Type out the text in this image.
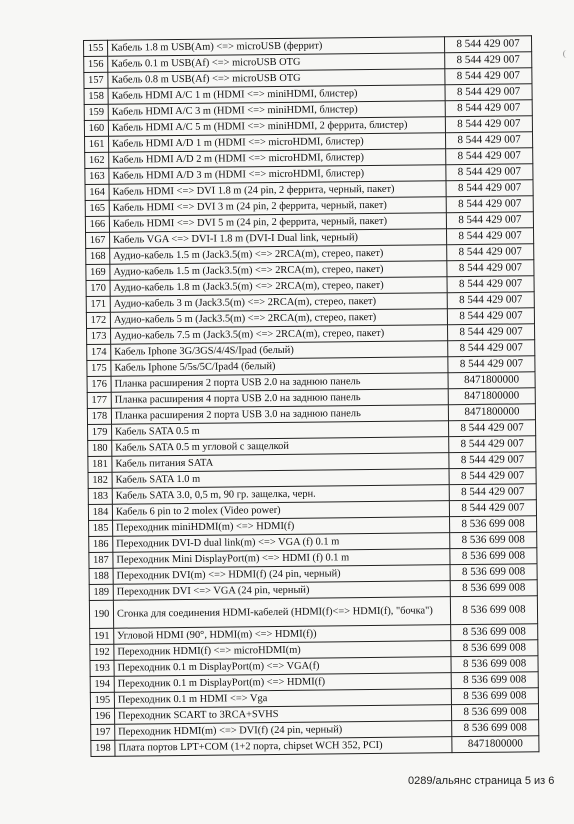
155	Кабель 1.8 m USB(Am) <=> microUSB (феррит)	8 544 429 007
156	Кабель 0.1 m USB(Af) <=> microUSB OTG	8 544 429 007
157	Кабель 0.8 m USB(Af) <=> microUSB OTG	8 544 429 007
158	Кабель HDMI A/C 1 m (HDMI <=> miniHDMI, блистер)	8 544 429 007
159	Кабель HDMI A/C 3 m (HDMI <=> miniHDMI, блистер)	8 544 429 007
160	Кабель HDMI A/C 5 m (HDMI <=> miniHDMI, 2 феррита, блистер)	8 544 429 007
161	Кабель HDMI A/D 1 m (HDMI <=> microHDMI, блистер)	8 544 429 007
162	Кабель HDMI A/D 2 m (HDMI <=> microHDMI, блистер)	8 544 429 007
163	Кабель HDMI A/D 3 m (HDMI <=> microHDMI, блистер)	8 544 429 007
164	Кабель HDMI <=> DVI 1.8 m (24 pin, 2 феррита, черный, пакет)	8 544 429 007
165	Кабель HDMI <=> DVI 3 m (24 pin, 2 феррита, черный, пакет)	8 544 429 007
166	Кабель HDMI <=> DVI 5 m (24 pin, 2 феррита, черный, пакет)	8 544 429 007
167	Кабель VGA <=> DVI-I 1.8 m (DVI-I Dual link, черный)	8 544 429 007
168	Аудио-кабель 1.5 m (Jack3.5(m) <=> 2RCA(m), стерео, пакет)	8 544 429 007
169	Аудио-кабель 1.5 m (Jack3.5(m) <=> 2RCA(m), стерео, пакет)	8 544 429 007
170	Аудио-кабель 1.8 m (Jack3.5(m) <=> 2RCA(m), стерео, пакет)	8 544 429 007
171	Аудио-кабель 3 m (Jack3.5(m) <=> 2RCA(m), стерео, пакет)	8 544 429 007
172	Аудио-кабель 5 m (Jack3.5(m) <=> 2RCA(m), стерео, пакет)	8 544 429 007
173	Аудио-кабель 7.5 m (Jack3.5(m) <=> 2RCA(m), стерео, пакет)	8 544 429 007
174	Кабель Iphone 3G/3GS/4/4S/Ipad (белый)	8 544 429 007
175	Кабель Iphone 5/5s/5C/Ipad4 (белый)	8 544 429 007
176	Планка расширения 2 порта USB 2.0 на заднюю панель	8471800000
177	Планка расширения 4 порта USB 2.0 на заднюю панель	8471800000
178	Планка расширения 2 порта USB 3.0 на заднюю панель	8471800000
179	Кабель SATA 0.5 m	8 544 429 007
180	Кабель SATA 0.5 m угловой с защелкой	8 544 429 007
181	Кабель питания SATA	8 544 429 007
182	Кабель SATA 1.0 m	8 544 429 007
183	Кабель SATA 3.0, 0,5 m, 90 гр. защелка, черн.	8 544 429 007
184	Кабель 6 pin to 2 molex (Video power)	8 544 429 007
185	Переходник miniHDMI(m) <=> HDMI(f)	8 536 699 008
186	Переходник DVI-D dual link(m) <=> VGA (f) 0.1 m	8 536 699 008
187	Переходник Mini DisplayPort(m) <=> HDMI (f) 0.1 m	8 536 699 008
188	Переходник DVI(m) <=> HDMI(f) (24 pin, черный)	8 536 699 008
189	Переходник DVI <=> VGA (24 pin, черный)	8 536 699 008
190	Сгонка для соединения HDMI-кабелей (HDMI(f)<=> HDMI(f), "бочка")	8 536 699 008
191	Угловой HDMI (90°, HDMI(m) <=> HDMI(f))	8 536 699 008
192	Переходник HDMI(f) <=> microHDMI(m)	8 536 699 008
193	Переходник 0.1 m DisplayPort(m) <=> VGA(f)	8 536 699 008
194	Переходник 0.1 m DisplayPort(m) <=> HDMI(f)	8 536 699 008
195	Переходник 0.1 m HDMI <=> Vga	8 536 699 008
196	Переходник SCART to 3RCA+SVHS	8 536 699 008
197	Переходник HDMI(m) <=> DVI(f) (24 pin, черный)	8 536 699 008
198	Плата портов LPT+COM (1+2 порта, chipset WCH 352, PCI)	8471800000
0289/альянс страница 5 из 6
